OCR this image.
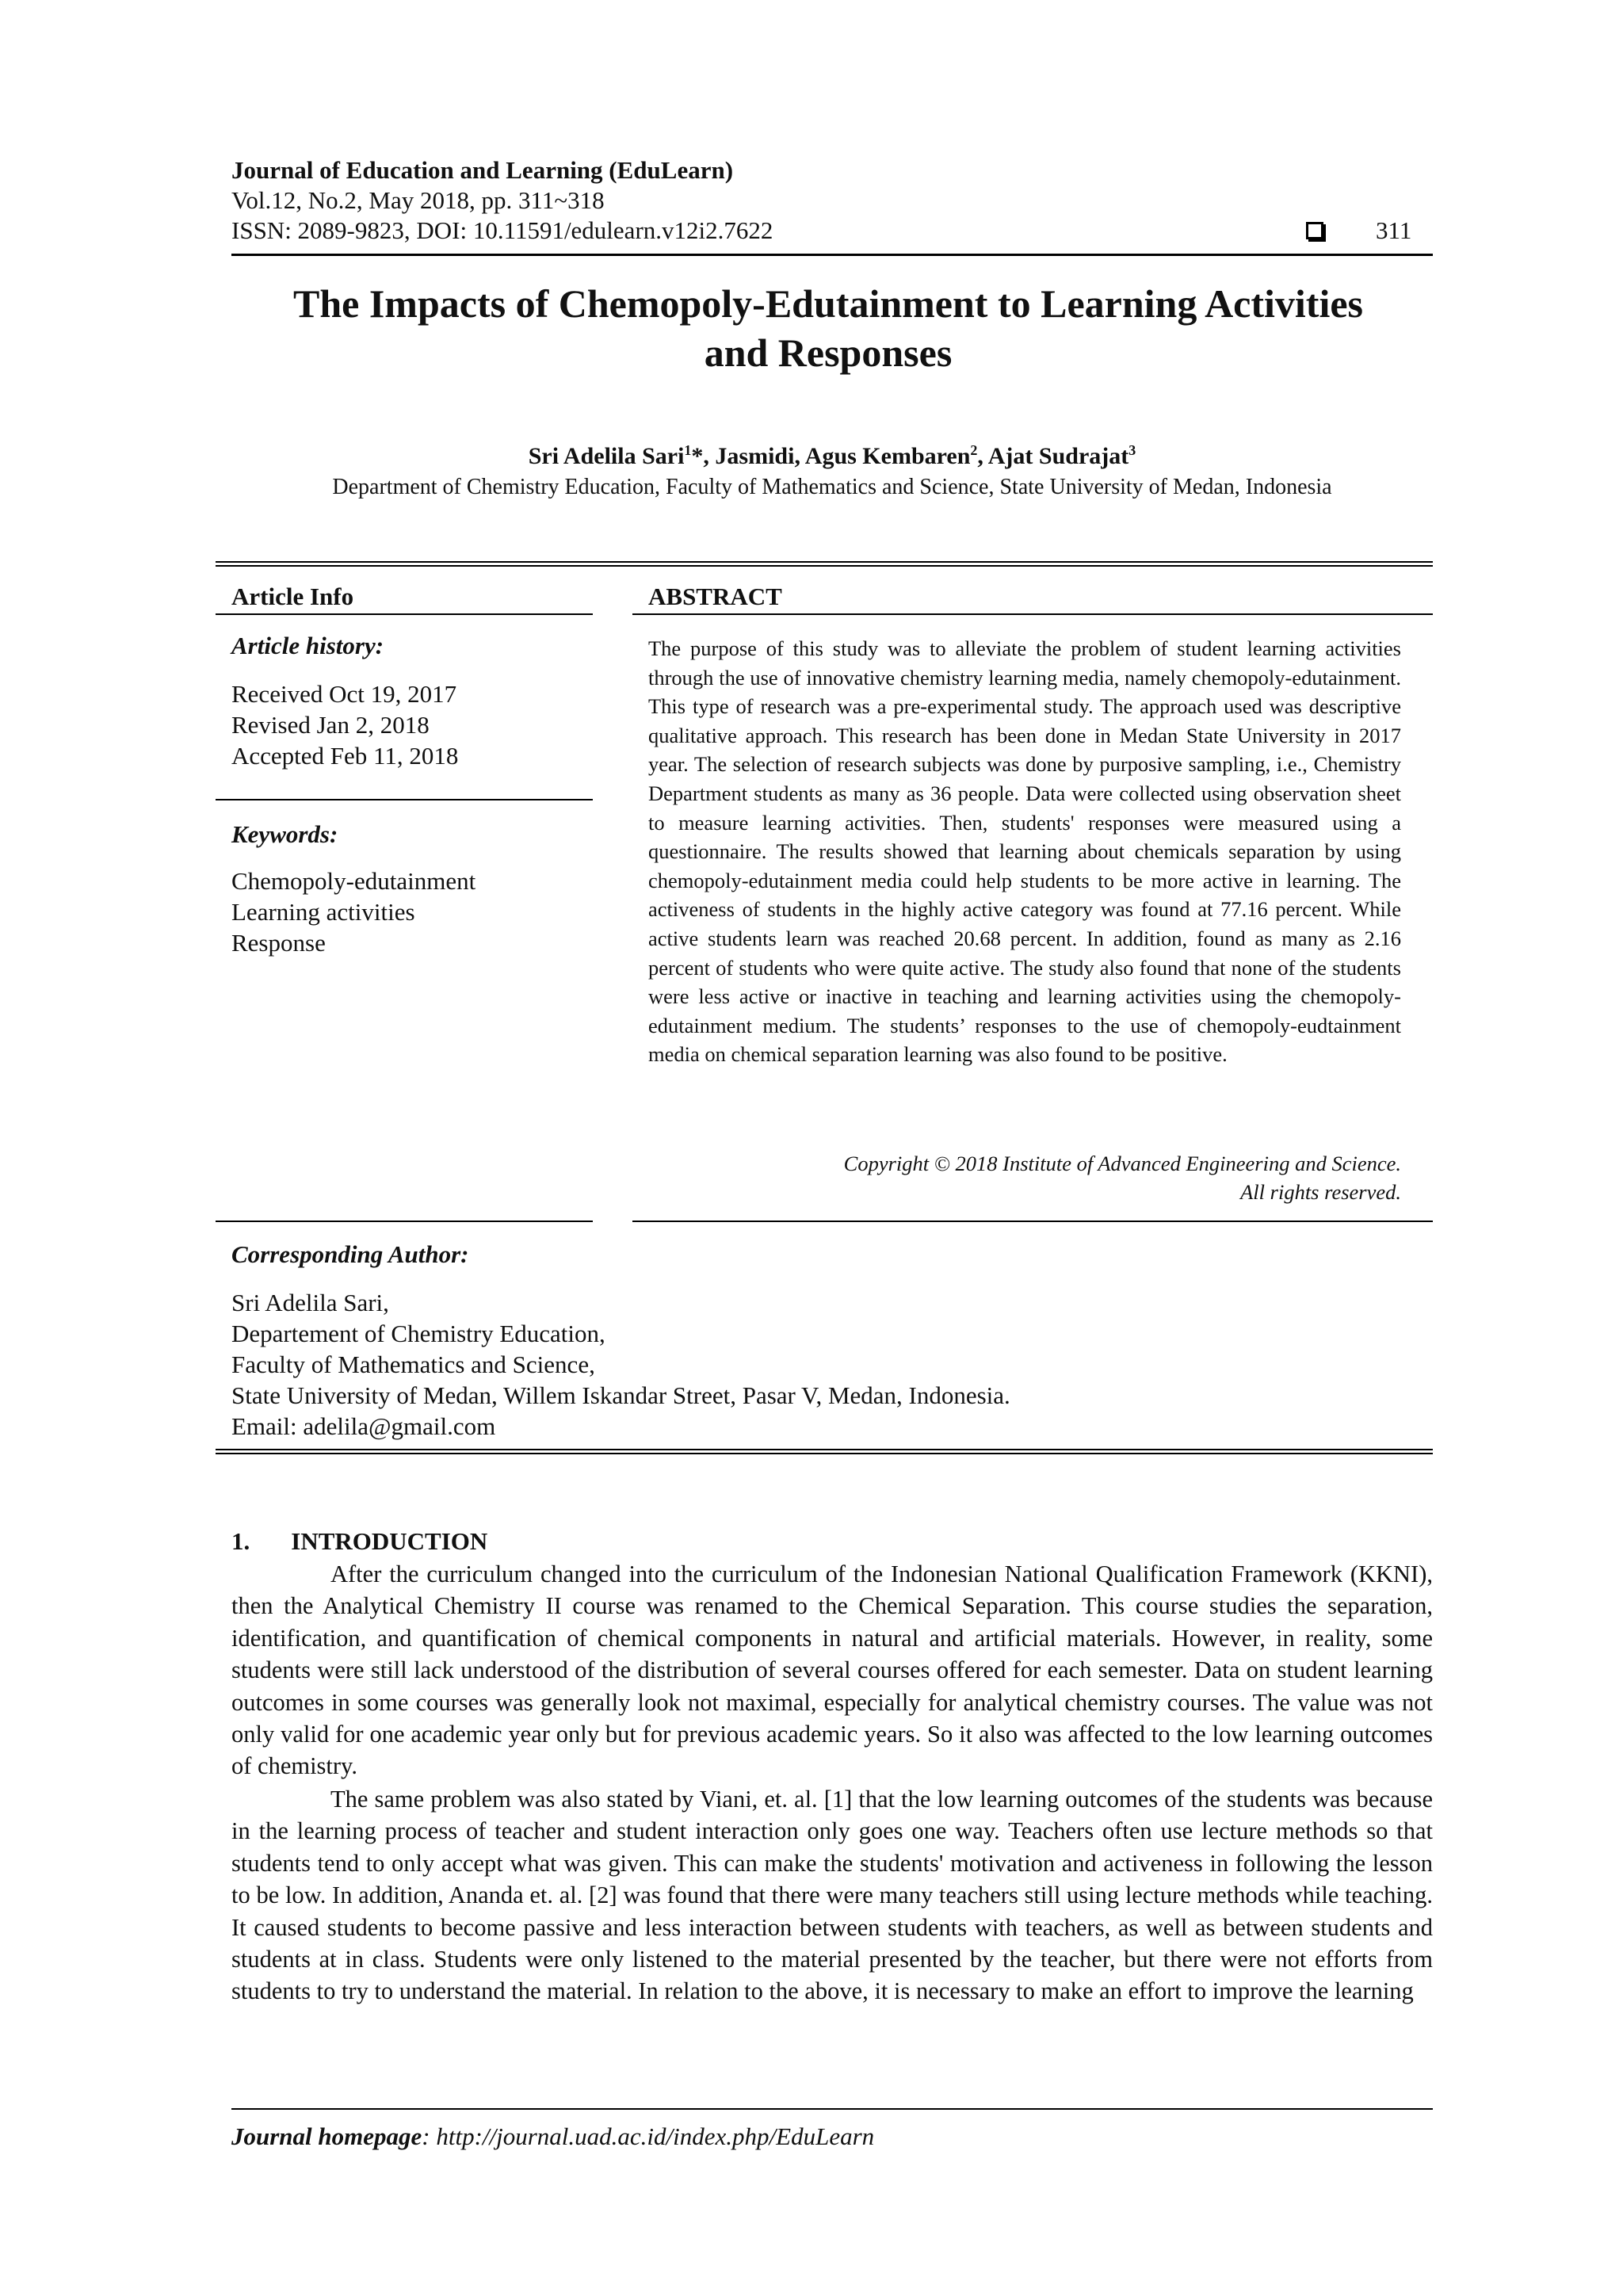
Journal of Education and Learning (EduLearn)
Vol.12, No.2, May 2018, pp. 311~318
ISSN: 2089-9823, DOI: 10.11591/edulearn.v12i2.7622	311
The Impacts of Chemopoly-Edutainment to Learning Activities
and Responses
Sri Adelila Sari$^1$*, Jasmidi, Agus Kembaren$^2$, Ajat Sudrajat$^3$
Department of Chemistry Education, Faculty of Mathematics and Science, State University of Medan, Indonesia
Article Info
Article history:
Received Oct 19, 2017
Revised Jan 2, 2018
Accepted Feb 11, 2018
Keywords:
Chemopoly-edutainment
Learning activities
Response
ABSTRACT
The purpose of this study was to alleviate the problem of student learning activities through the use of innovative chemistry learning media, namely chemopoly-edutainment. This type of research was a pre-experimental study. The approach used was descriptive qualitative approach. This research has been done in Medan State University in 2017 year. The selection of research subjects was done by purposive sampling, i.e., Chemistry Department students as many as 36 people. Data were collected using observation sheet to measure learning activities. Then, students' responses were measured using a questionnaire. The results showed that learning about chemicals separation by using chemopoly-edutainment media could help students to be more active in learning. The activeness of students in the highly active category was found at 77.16 percent. While active students learn was reached 20.68 percent. In addition, found as many as 2.16 percent of students who were quite active. The study also found that none of the students were less active or inactive in teaching and learning activities using the chemopoly-edutainment medium. The students’ responses to the use of chemopoly-eudtainment media on chemical separation learning was also found to be positive.
Copyright © 2018 Institute of Advanced Engineering and Science.
All rights reserved.
Corresponding Author:
Sri Adelila Sari,
Departement of Chemistry Education,
Faculty of Mathematics and Science,
State University of Medan, Willem Iskandar Street, Pasar V, Medan, Indonesia.
Email: adelila@gmail.com
1. INTRODUCTION
After the curriculum changed into the curriculum of the Indonesian National Qualification Framework (KKNI), then the Analytical Chemistry II course was renamed to the Chemical Separation. This course studies the separation, identification, and quantification of chemical components in natural and artificial materials. However, in reality, some students were still lack understood of the distribution of several courses offered for each semester. Data on student learning outcomes in some courses was generally look not maximal, especially for analytical chemistry courses. The value was not only valid for one academic year only but for previous academic years. So it also was affected to the low learning outcomes of chemistry.
The same problem was also stated by Viani, et. al. [1] that the low learning outcomes of the students was because in the learning process of teacher and student interaction only goes one way. Teachers often use lecture methods so that students tend to only accept what was given. This can make the students' motivation and activeness in following the lesson to be low. In addition, Ananda et. al. [2] was found that there were many teachers still using lecture methods while teaching. It caused students to become passive and less interaction between students with teachers, as well as between students and students at in class. Students were only listened to the material presented by the teacher, but there were not efforts from students to try to understand the material. In relation to the above, it is necessary to make an effort to improve the learning
Journal homepage: http://journal.uad.ac.id/index.php/EduLearn
